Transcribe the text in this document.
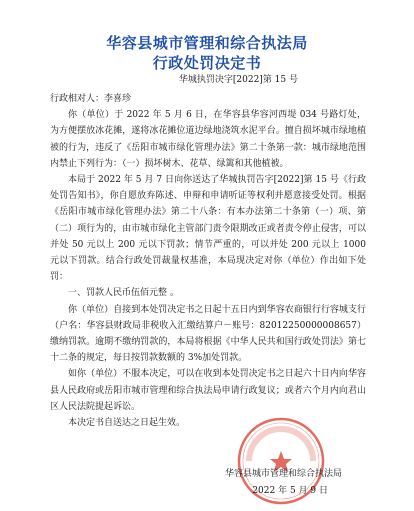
华容县城市管理和综合执法局
行政处罚决定书
华城执罚决字[2022]第 15 号

行政相对人：李喜珍

你（单位）于 2022 年 5 月 6 日，在华容县华容河西堤 034 号路灯处，为方便摆放冰花摊，遂将冰花摊位道边绿地浇筑水泥平台。擅自损坏城市绿地植被的行为，违反了《岳阳市城市绿化管理办法》第二十条第一款：城市绿地范围内禁止下列行为：（一）损坏树木、花草、绿篱和其他植被。

本局于 2022 年 5 月 7 日向你送达了华城执罚告字[2022]第 15 号《行政处罚告知书》，你自愿放弃陈述、申辩和申请听证等权利并愿意接受处罚。根据《岳阳市城市绿化管理办法》第二十八条：有本办法第二十条第（一）项、第（二）项行为的，由市城市绿化主管部门责令限期改正或者责令停止侵害，可以并处 50 元以上 200 元以下罚款；情节严重的，可以并处 200 元以上 1000 元以下罚款。结合行政处罚裁量权基准，本局现决定对你（单位）作出如下处罚：

一、罚款人民币伍佰元整 。

你（单位）自接到本处罚决定书之日起十五日内到华容农商银行行容城支行（户名：华容县财政局非税收入汇缴结算户－账号：82012250000008657）缴纳罚款。逾期不缴纳罚款的，本局将根据《中华人民共和国行政处罚法》第七十二条的规定，每日按罚款数额的 3%加处罚款。

如你（单位）不服本决定，可以在收到本处罚决定书之日起六十日内向华容县人民政府或岳阳市城市管理和综合执法局申请行政复议；或者六个月内向君山区人民法院提起诉讼。

本决定书自送达之日起生效。

华容县城市管理和综合执法局
2022 年 5 月 9 日
